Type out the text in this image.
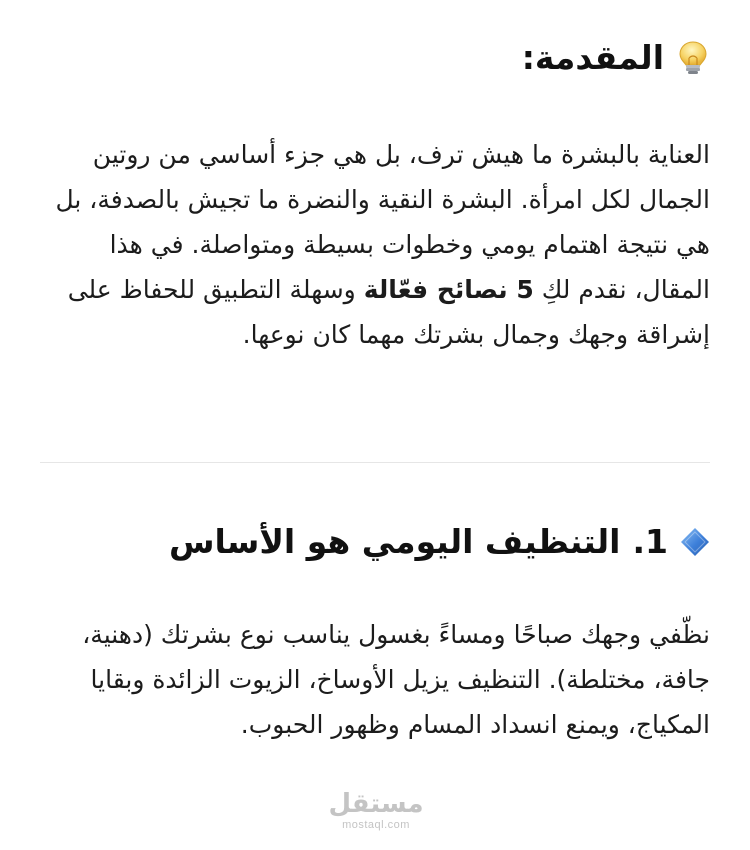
المقدمة:

العناية بالبشرة ما هيش ترف، بل هي جزء أساسي من روتين الجمال لكل امرأة. البشرة النقية والنضرة ما تجيش بالصدفة، بل هي نتيجة اهتمام يومي وخطوات بسيطة ومتواصلة. في هذا المقال، نقدم لكِ 5 نصائح فعّالة وسهلة التطبيق للحفاظ على إشراقة وجهك وجمال بشرتك مهما كان نوعها.

1.
التنظيف اليومي هو الأساس

نظّفي وجهك صباحًا ومساءً بغسول يناسب نوع بشرتك (دهنية، جافة، مختلطة). التنظيف يزيل الأوساخ، الزيوت الزائدة وبقايا المكياج، ويمنع انسداد المسام وظهور الحبوب.

مستقل
mostaql.com
